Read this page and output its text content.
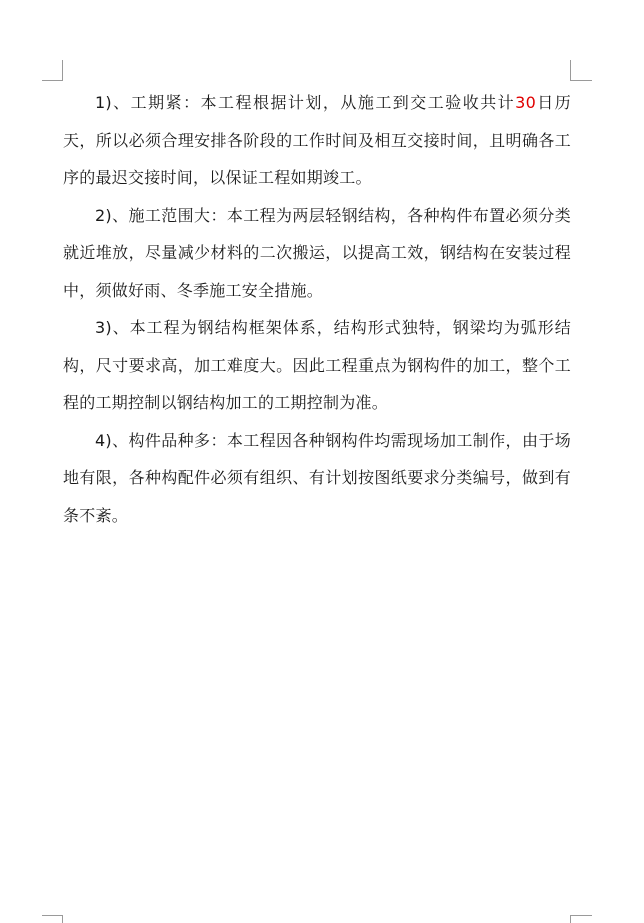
1)、工期紧：本工程根据计划，从施工到交工验收共计30日历天，所以必须合理安排各阶段的工作时间及相互交接时间，且明确各工序的最迟交接时间，以保证工程如期竣工。

2)、施工范围大：本工程为两层轻钢结构，各种构件布置必须分类就近堆放，尽量减少材料的二次搬运，以提高工效，钢结构在安装过程中，须做好雨、冬季施工安全措施。

3)、本工程为钢结构框架体系，结构形式独特，钢梁均为弧形结构，尺寸要求高，加工难度大。因此工程重点为钢构件的加工，整个工程的工期控制以钢结构加工的工期控制为准。

4)、构件品种多：本工程因各种钢构件均需现场加工制作，由于场地有限，各种构配件必须有组织、有计划按图纸要求分类编号，做到有条不紊。
